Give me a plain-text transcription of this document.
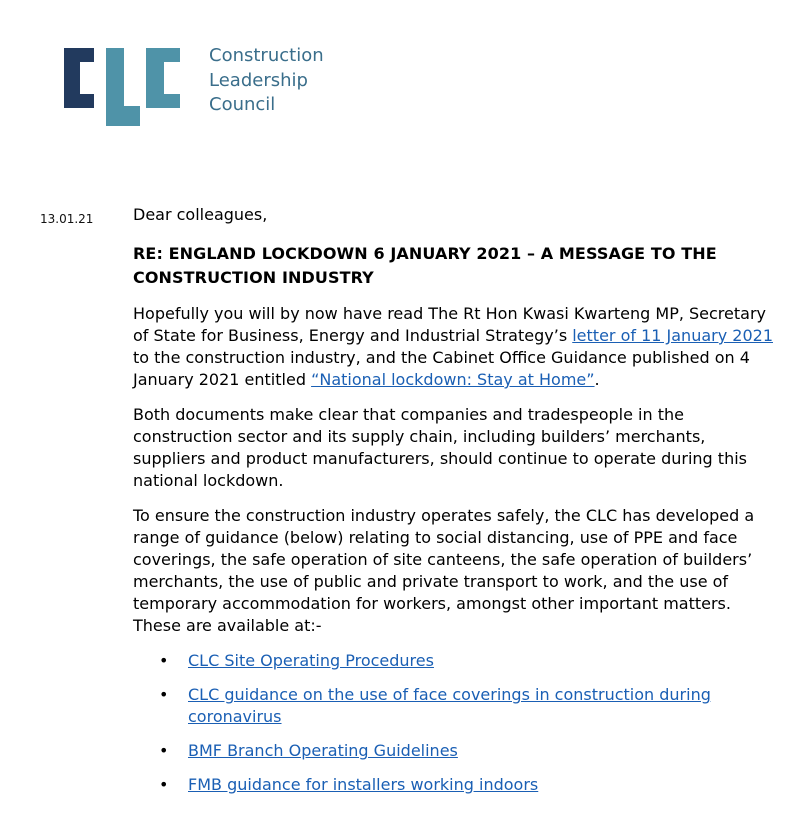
Construction
Leadership
Council
13.01.21 Dear colleagues,

RE: ENGLAND LOCKDOWN 6 JANUARY 2021 – A MESSAGE TO THE CONSTRUCTION INDUSTRY

Hopefully you will by now have read The Rt Hon Kwasi Kwarteng MP, Secretary of State for Business, Energy and Industrial Strategy’s letter of 11 January 2021 to the construction industry, and the Cabinet Office Guidance published on 4 January 2021 entitled “National lockdown: Stay at Home”.

Both documents make clear that companies and tradespeople in the construction sector and its supply chain, including builders’ merchants, suppliers and product manufacturers, should continue to operate during this national lockdown.

To ensure the construction industry operates safely, the CLC has developed a range of guidance (below) relating to social distancing, use of PPE and face coverings, the safe operation of site canteens, the safe operation of builders’ merchants, the use of public and private transport to work, and the use of temporary accommodation for workers, amongst other important matters. These are available at:-

• CLC Site Operating Procedures
• CLC guidance on the use of face coverings in construction during coronavirus
• BMF Branch Operating Guidelines
• FMB guidance for installers working indoors
